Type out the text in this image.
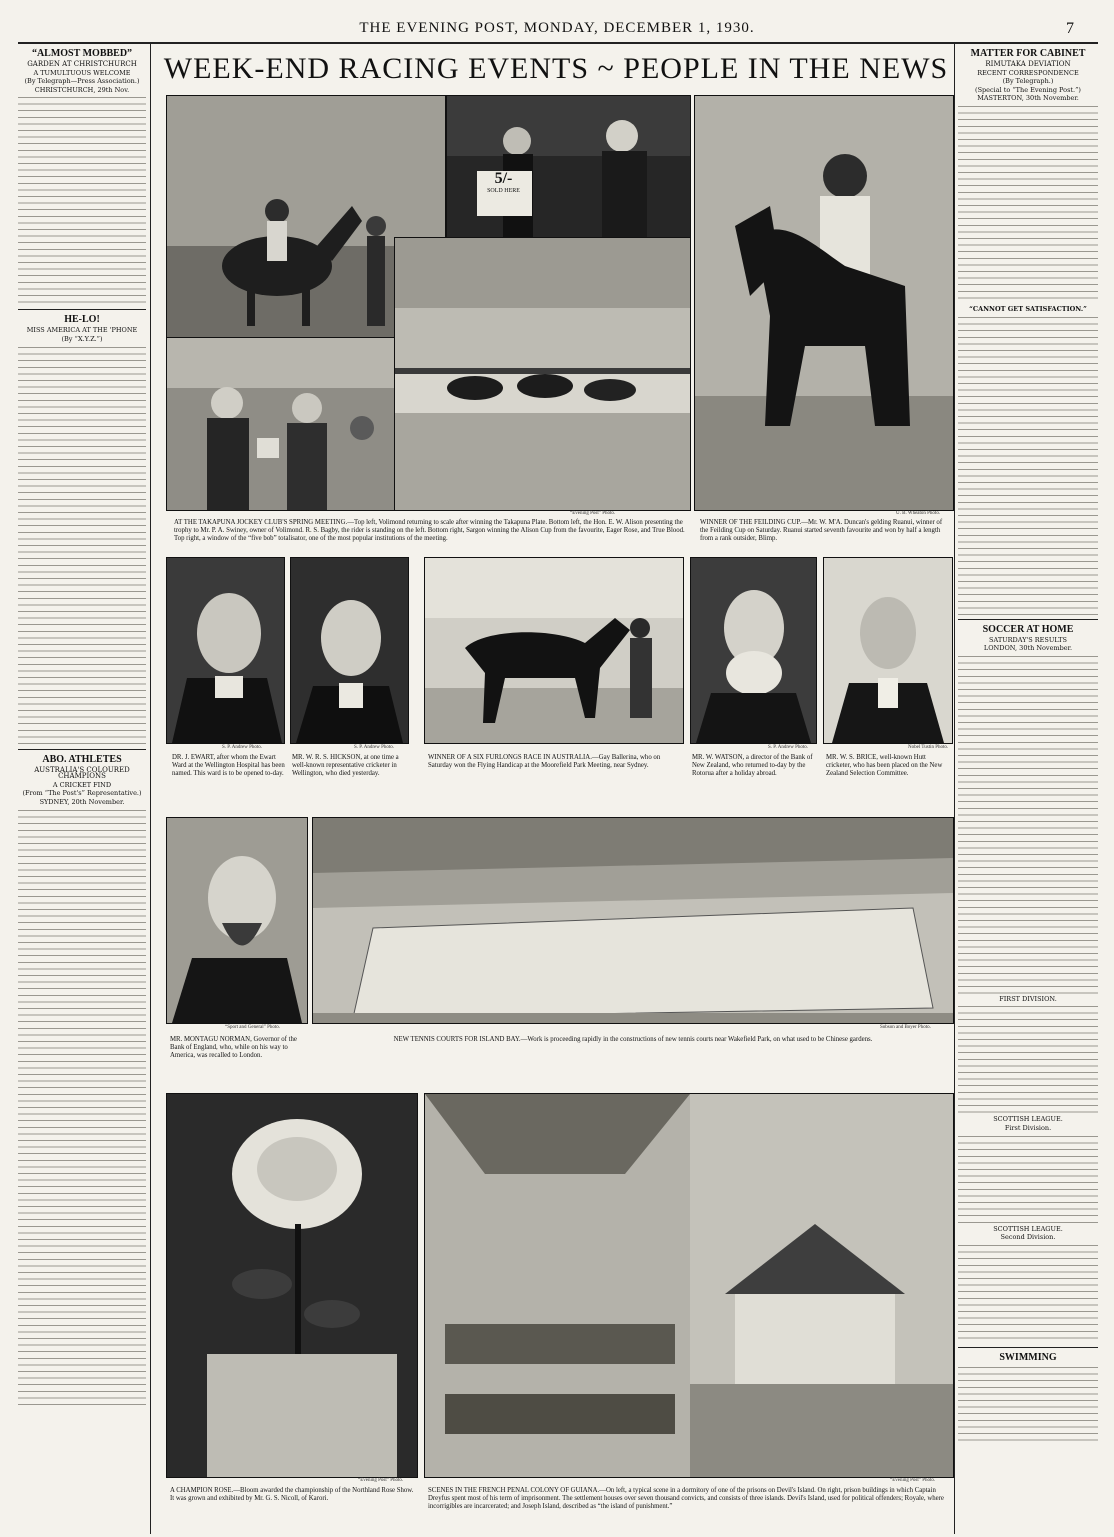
THE EVENING POST, MONDAY, DECEMBER 1, 1930.	7
“ALMOST MOBBED”
GARDEN AT CHRISTCHURCH
A TUMULTUOUS WELCOME
(By Telegraph—Press Association.)
CHRISTCHURCH, 29th Nov.
HE-LO!
MISS AMERICA AT THE 'PHONE
(By “X.Y.Z.”)
ABO. ATHLETES
AUSTRALIA'S COLOURED CHAMPIONS
A CRICKET FIND
(From “The Post's” Representative.)
SYDNEY, 20th November.
MATTER FOR CABINET
RIMUTAKA DEVIATION
RECENT CORRESPONDENCE
(By Telegraph.)
(Special to “The Evening Post.”)
MASTERTON, 30th November.
“CANNOT GET SATISFACTION.”
SOCCER AT HOME
SATURDAY'S RESULTS
LONDON, 30th November.
FIRST DIVISION.
SCOTTISH LEAGUE.
First Division.
SCOTTISH LEAGUE.
Second Division.
SWIMMING
WEEK-END RACING EVENTS ~ PEOPLE IN THE NEWS
5/-
SOLD HERE
“Evening Post” Photo.	U. B. Wheaton Photo.
AT THE TAKAPUNA JOCKEY CLUB'S SPRING MEETING.—Top left, Volimond returning to scale after winning the Takapuna Plate. Bottom left, the Hon. E. W. Alison presenting the trophy to Mr. P. A. Swiney, owner of Volimond. R. S. Bagby, the rider is standing on the left. Bottom right, Sargon winning the Alison Cup from the favourite, Eager Rose, and True Blood. Top right, a window of the “five bob” totalisator, one of the most popular institutions of the meeting.
WINNER OF THE FEILDING CUP.—Mr. W. M'A. Duncan's gelding Ruanui, winner of the Feilding Cup on Saturday. Ruanui started seventh favourite and won by half a length from a rank outsider, Blimp.
S. P. Andrew Photo.	S. P. Andrew Photo.	S. P. Andrew Photo.	Nobel Tustin Photo.
DR. J. EWART, after whom the Ewart Ward at the Wellington Hospital has been named. This ward is to be opened to-day.
MR. W. R. S. HICKSON, at one time a well-known representative cricketer in Wellington, who died yesterday.
WINNER OF A SIX FURLONGS RACE IN AUSTRALIA.—Gay Ballerina, who on Saturday won the Flying Handicap at the Moorefield Park Meeting, near Sydney.
MR. W. WATSON, a director of the Bank of New Zealand, who returned to-day by the Rotorua after a holiday abroad.
MR. W. S. BRICE, well-known Hutt cricketer, who has been placed on the New Zealand Selection Committee.
“Sport and General” Photo.	Sobson and Boyer Photo.
MR. MONTAGU NORMAN, Governor of the Bank of England, who, while on his way to America, was recalled to London.
NEW TENNIS COURTS FOR ISLAND BAY.—Work is proceeding rapidly in the constructions of new tennis courts near Wakefield Park, on what used to be Chinese gardens.
“Evening Post” Photo.	“Evening Post” Photo.
A CHAMPION ROSE.—Bloom awarded the championship of the Northland Rose Show. It was grown and exhibited by Mr. G. S. Nicoll, of Karori.
SCENES IN THE FRENCH PENAL COLONY OF GUIANA.—On left, a typical scene in a dormitory of one of the prisons on Devil's Island. On right, prison buildings in which Captain Dreyfus spent most of his term of imprisonment. The settlement houses over seven thousand convicts, and consists of three islands. Devil's Island, used for political offenders; Royale, where incorrigibles are incarcerated; and Joseph Island, described as “the island of punishment.”
